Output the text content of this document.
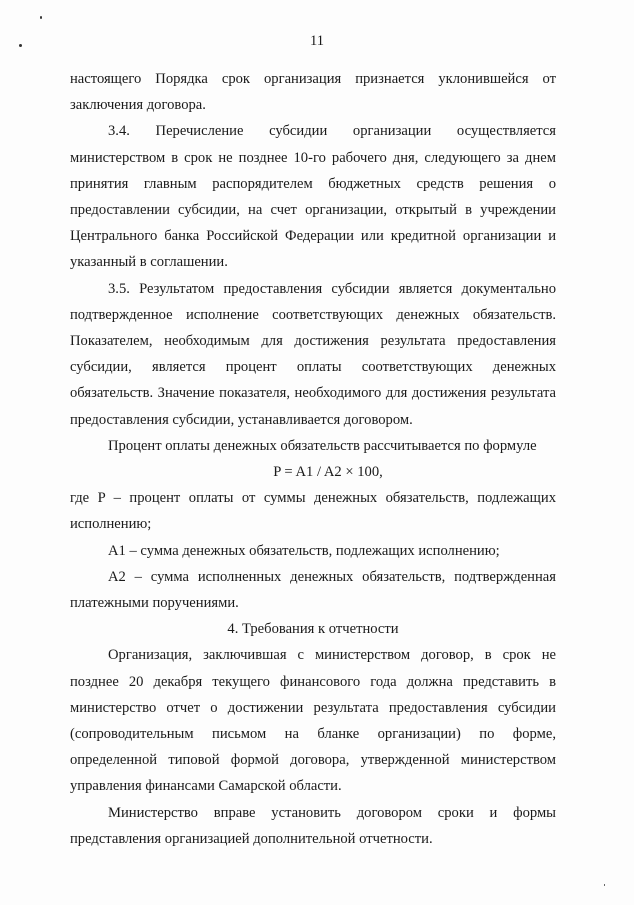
11

настоящего Порядка срок организация признается уклонившейся от заключения договора.

3.4. Перечисление субсидии организации осуществляется министерством в срок не позднее 10-го рабочего дня, следующего за днем принятия главным распорядителем бюджетных средств решения о предоставлении субсидии, на счет организации, открытый в учреждении Центрального банка Российской Федерации или кредитной организации и указанный в соглашении.

3.5. Результатом предоставления субсидии является документально подтвержденное исполнение соответствующих денежных обязательств. Показателем, необходимым для достижения результата предоставления субсидии, является процент оплаты соответствующих денежных обязательств. Значение показателя, необходимого для достижения результата предоставления субсидии, устанавливается договором.

Процент оплаты денежных обязательств рассчитывается по формуле

P = A1 / A2 × 100,

где P – процент оплаты от суммы денежных обязательств, подлежащих исполнению;

A1 – сумма денежных обязательств, подлежащих исполнению;

A2 – сумма исполненных денежных обязательств, подтвержденная платежными поручениями.

4. Требования к отчетности

Организация, заключившая с министерством договор, в срок не позднее 20 декабря текущего финансового года должна представить в министерство отчет о достижении результата предоставления субсидии (сопроводительным письмом на бланке организации) по форме, определенной типовой формой договора, утвержденной министерством управления финансами Самарской области.

Министерство вправе установить договором сроки и формы представления организацией дополнительной отчетности.
